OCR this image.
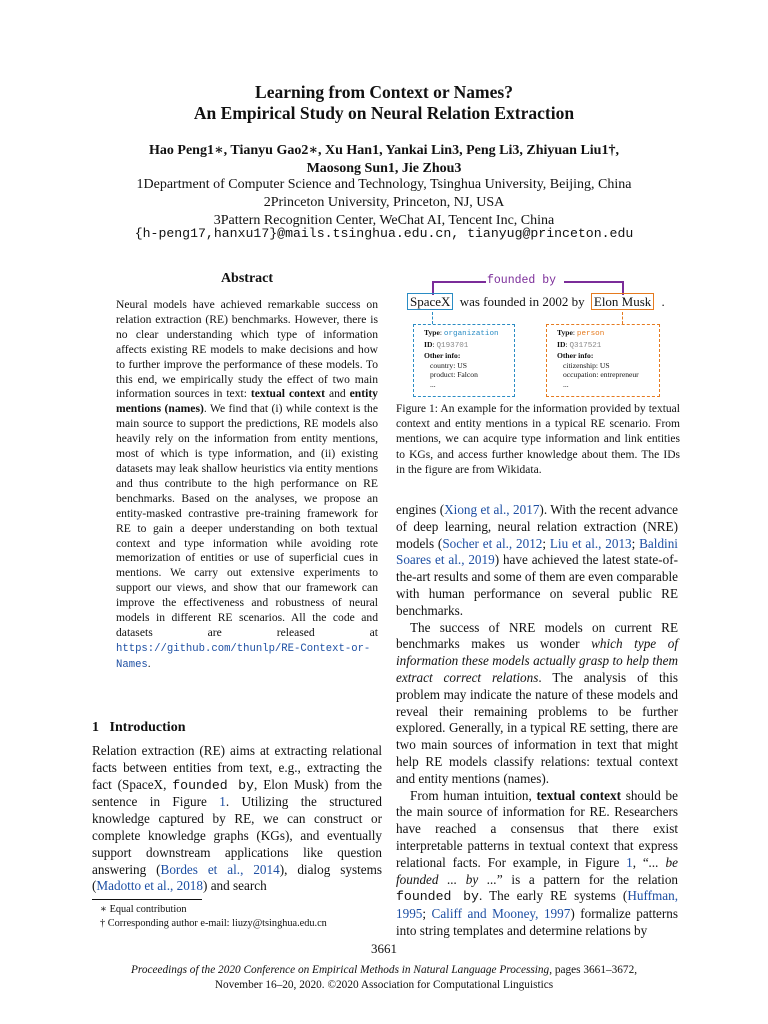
Learning from Context or Names?
An Empirical Study on Neural Relation Extraction
Hao Peng1∗, Tianyu Gao2∗, Xu Han1, Yankai Lin3, Peng Li3, Zhiyuan Liu1†,
Maosong Sun1, Jie Zhou3
1Department of Computer Science and Technology, Tsinghua University, Beijing, China
2Princeton University, Princeton, NJ, USA
3Pattern Recognition Center, WeChat AI, Tencent Inc, China
{h-peng17,hanxu17}@mails.tsinghua.edu.cn, tianyug@princeton.edu
Abstract
Neural models have achieved remarkable success on relation extraction (RE) benchmarks. However, there is no clear understanding which type of information affects existing RE models to make decisions and how to further improve the performance of these models. To this end, we empirically study the effect of two main information sources in text: textual context and entity mentions (names). We find that (i) while context is the main source to support the predictions, RE models also heavily rely on the information from entity mentions, most of which is type information, and (ii) existing datasets may leak shallow heuristics via entity mentions and thus contribute to the high performance on RE benchmarks. Based on the analyses, we propose an entity-masked contrastive pre-training framework for RE to gain a deeper understanding on both textual context and type information while avoiding rote memorization of entities or use of superficial cues in mentions. We carry out extensive experiments to support our views, and show that our framework can improve the effectiveness and robustness of neural models in different RE scenarios. All the code and datasets are released at https://github.com/thunlp/RE-Context-or-Names.
1   Introduction
Relation extraction (RE) aims at extracting relational facts between entities from text, e.g., extracting the fact (SpaceX, founded by, Elon Musk) from the sentence in Figure 1. Utilizing the structured knowledge captured by RE, we can construct or complete knowledge graphs (KGs), and eventually support downstream applications like question answering (Bordes et al., 2014), dialog systems (Madotto et al., 2018) and search
∗ Equal contribution
† Corresponding author e-mail: liuzy@tsinghua.edu.cn
founded by
SpaceX was founded in 2002 by Elon Musk .
Type: organization
ID: Q193701
Other info:
country: US
product: Falcon
...
Type: person
ID: Q317521
Other info:
citizenship: US
occupation: entrepreneur
...
Figure 1: An example for the information provided by textual context and entity mentions in a typical RE scenario. From mentions, we can acquire type information and link entities to KGs, and access further knowledge about them. The IDs in the figure are from Wikidata.
engines (Xiong et al., 2017). With the recent advance of deep learning, neural relation extraction (NRE) models (Socher et al., 2012; Liu et al., 2013; Baldini Soares et al., 2019) have achieved the latest state-of-the-art results and some of them are even comparable with human performance on several public RE benchmarks.
The success of NRE models on current RE benchmarks makes us wonder which type of information these models actually grasp to help them extract correct relations. The analysis of this problem may indicate the nature of these models and reveal their remaining problems to be further explored. Generally, in a typical RE setting, there are two main sources of information in text that might help RE models classify relations: textual context and entity mentions (names).
From human intuition, textual context should be the main source of information for RE. Researchers have reached a consensus that there exist interpretable patterns in textual context that express relational facts. For example, in Figure 1, “... be founded ... by ...” is a pattern for the relation founded by. The early RE systems (Huffman, 1995; Califf and Mooney, 1997) formalize patterns into string templates and determine relations by
3661
Proceedings of the 2020 Conference on Empirical Methods in Natural Language Processing, pages 3661–3672,
November 16–20, 2020. ©2020 Association for Computational Linguistics
